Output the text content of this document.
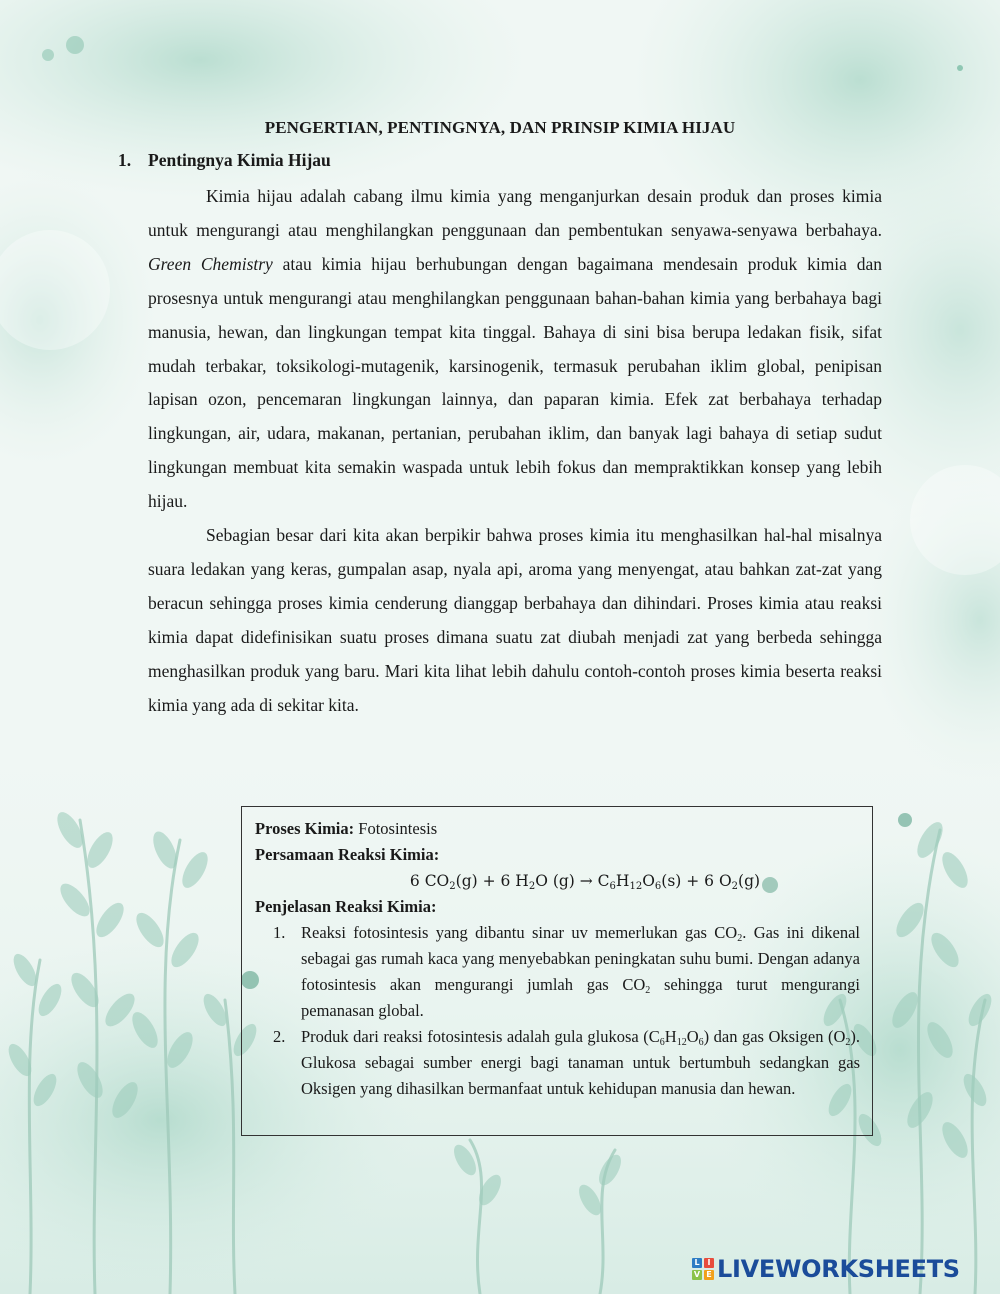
PENGERTIAN, PENTINGNYA, DAN PRINSIP KIMIA HIJAU
1. Pentingnya Kimia Hijau

Kimia hijau adalah cabang ilmu kimia yang menganjurkan desain produk dan proses kimia untuk mengurangi atau menghilangkan penggunaan dan pembentukan senyawa-senyawa berbahaya. Green Chemistry atau kimia hijau berhubungan dengan bagaimana mendesain produk kimia dan prosesnya untuk mengurangi atau menghilangkan penggunaan bahan-bahan kimia yang berbahaya bagi manusia, hewan, dan lingkungan tempat kita tinggal. Bahaya di sini bisa berupa ledakan fisik, sifat mudah terbakar, toksikologi-mutagenik, karsinogenik, termasuk perubahan iklim global, penipisan lapisan ozon, pencemaran lingkungan lainnya, dan paparan kimia. Efek zat berbahaya terhadap lingkungan, air, udara, makanan, pertanian, perubahan iklim, dan banyak lagi bahaya di setiap sudut lingkungan membuat kita semakin waspada untuk lebih fokus dan mempraktikkan konsep yang lebih hijau.

Sebagian besar dari kita akan berpikir bahwa proses kimia itu menghasilkan hal-hal misalnya suara ledakan yang keras, gumpalan asap, nyala api, aroma yang menyengat, atau bahkan zat-zat yang beracun sehingga proses kimia cenderung dianggap berbahaya dan dihindari. Proses kimia atau reaksi kimia dapat didefinisikan suatu proses dimana suatu zat diubah menjadi zat yang berbeda sehingga menghasilkan produk yang baru. Mari kita lihat lebih dahulu contoh-contoh proses kimia beserta reaksi kimia yang ada di sekitar kita.

Proses Kimia: Fotosintesis
Persamaan Reaksi Kimia:
6 $CO_2(g) + 6$ $H_2O$ $(g) \to C_6H_{12}O_6(s) + 6$ $O_2(g)$
Penjelasan Reaksi Kimia:
1. Reaksi fotosintesis yang dibantu sinar uv memerlukan gas $CO_2$. Gas ini dikenal sebagai gas rumah kaca yang menyebabkan peningkatan suhu bumi. Dengan adanya fotosintesis akan mengurangi jumlah gas $CO_2$ sehingga turut mengurangi pemanasan global.
2. Produk dari reaksi fotosintesis adalah gula glukosa $(C_6H_{12}O_6)$ dan gas Oksigen $(O_2)$. Glukosa sebagai sumber energi bagi tanaman untuk bertumbuh sedangkan gas Oksigen yang dihasilkan bermanfaat untuk kehidupan manusia dan hewan.
L I
V E LIVEWORKSHEETS
